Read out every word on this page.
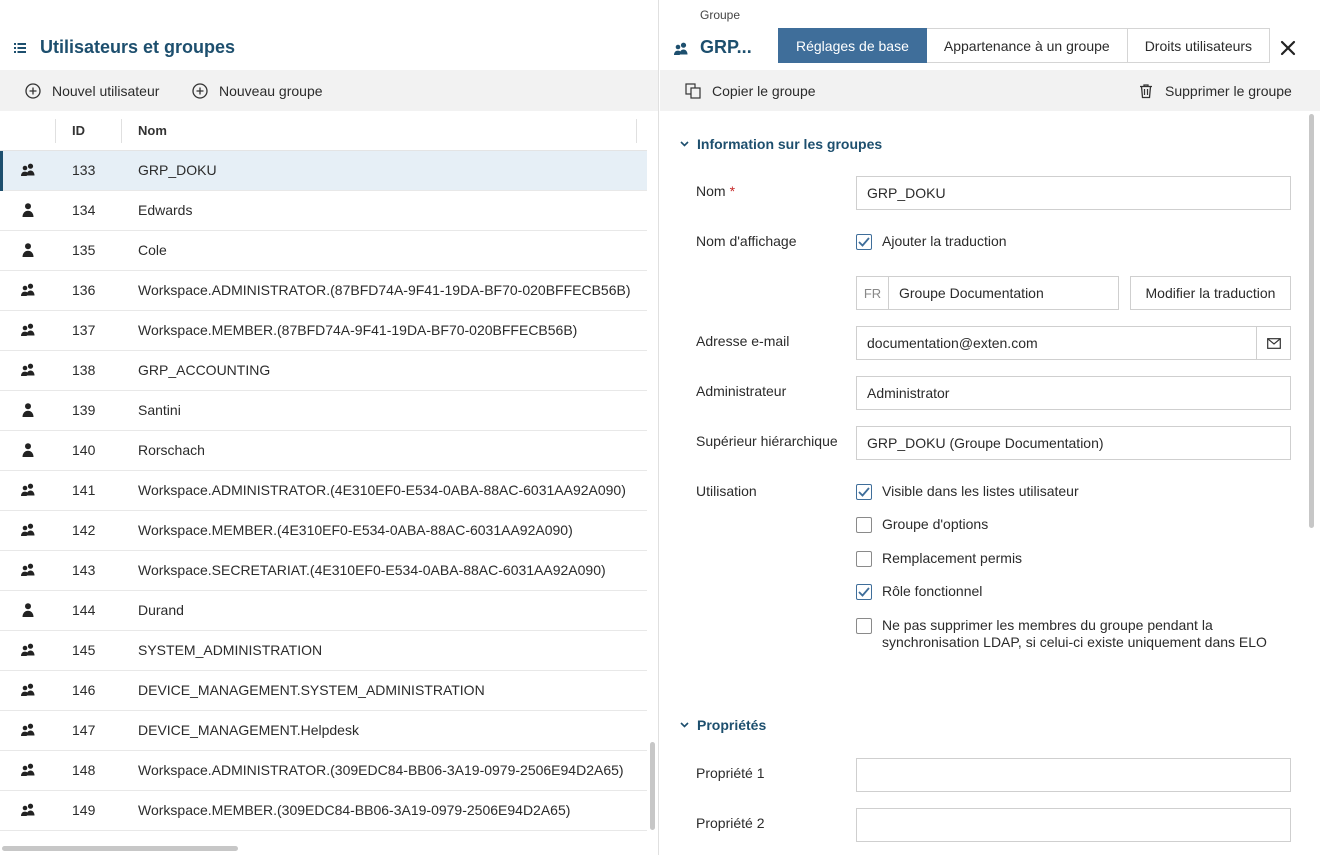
Utilisateurs et groupes
Nouvel utilisateur	Nouveau groupe
ID	Nom
133	GRP_DOKU
134	Edwards
135	Cole
136	Workspace.ADMINISTRATOR.(87BFD74A-9F41-19DA-BF70-020BFFECB56B)
137	Workspace.MEMBER.(87BFD74A-9F41-19DA-BF70-020BFFECB56B)
138	GRP_ACCOUNTING
139	Santini
140	Rorschach
141	Workspace.ADMINISTRATOR.(4E310EF0-E534-0ABA-88AC-6031AA92A090)
142	Workspace.MEMBER.(4E310EF0-E534-0ABA-88AC-6031AA92A090)
143	Workspace.SECRETARIAT.(4E310EF0-E534-0ABA-88AC-6031AA92A090)
144	Durand
145	SYSTEM_ADMINISTRATION
146	DEVICE_MANAGEMENT.SYSTEM_ADMINISTRATION
147	DEVICE_MANAGEMENT.Helpdesk
148	Workspace.ADMINISTRATOR.(309EDC84-BB06-3A19-0979-2506E94D2A65)
149	Workspace.MEMBER.(309EDC84-BB06-3A19-0979-2506E94D2A65)
Groupe
GRP...	Réglages de base	Appartenance à un groupe	Droits utilisateurs
Copier le groupe	Supprimer le groupe
Information sur les groupes
Nom *	GRP_DOKU
Nom d'affichage	Ajouter la traduction
FR	Groupe Documentation	Modifier la traduction
Adresse e-mail	documentation@exten.com
Administrateur	Administrator
Supérieur hiérarchique	GRP_DOKU (Groupe Documentation)
Utilisation	Visible dans les listes utilisateur
Groupe d'options
Remplacement permis
Rôle fonctionnel
Ne pas supprimer les membres du groupe pendant la synchronisation LDAP, si celui-ci existe uniquement dans ELO
Propriétés
Propriété 1
Propriété 2
